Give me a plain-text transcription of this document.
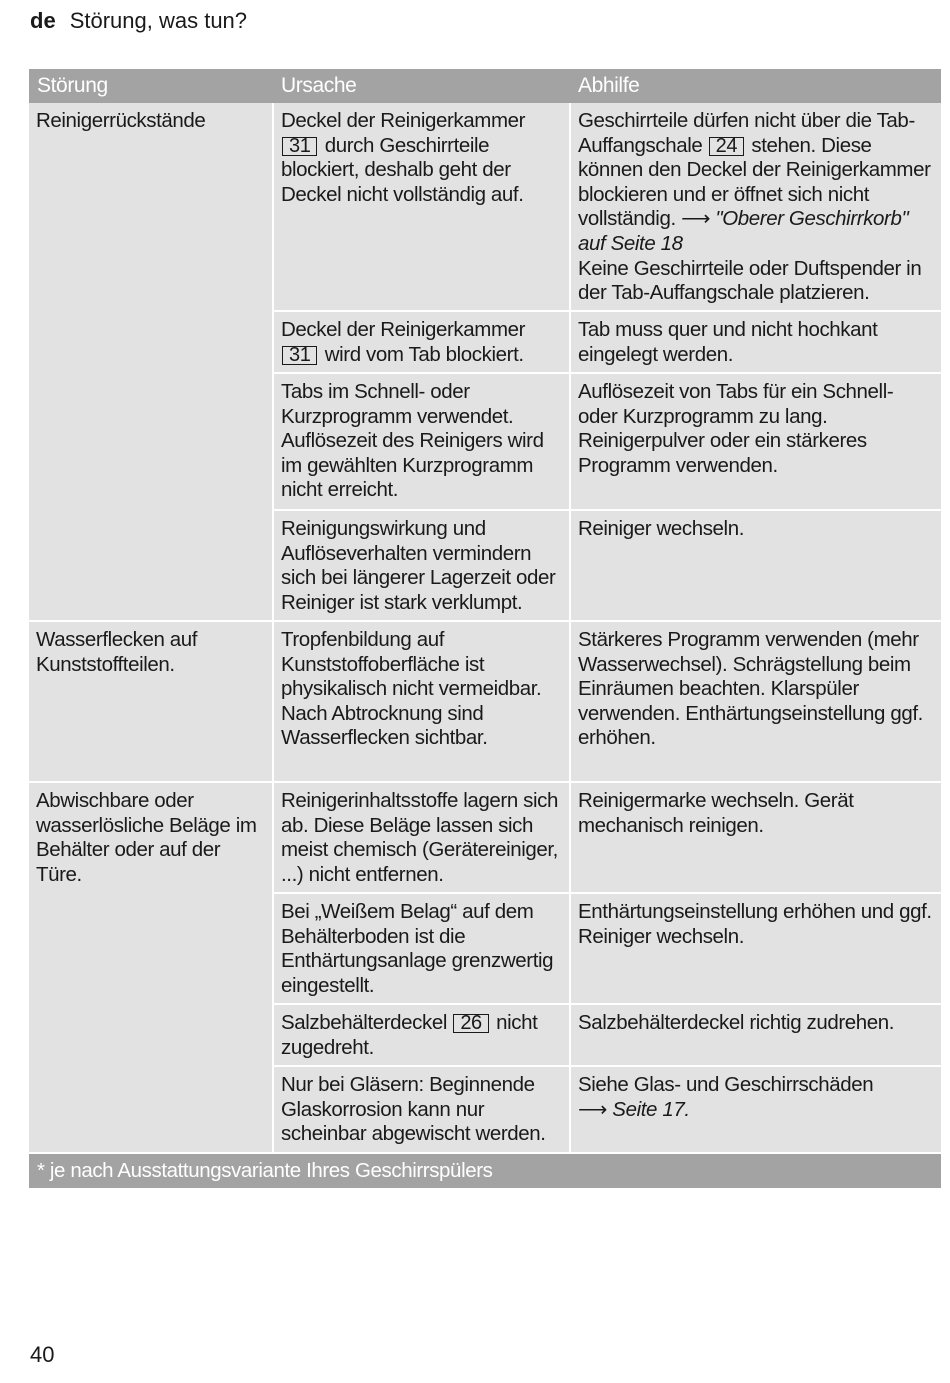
de Störung, was tun?
Störung	Ursache	Abhilfe
Reinigerrückstände	Deckel der Reinigerkammer 31 durch Geschirrteile blockiert, deshalb geht der Deckel nicht vollständig auf.	Geschirrteile dürfen nicht über die Tab-Auffangschale 24 stehen. Diese können den Deckel der Reinigerkammer blockieren und er öffnet sich nicht vollständig. ⟶ "Oberer Geschirrkorb" auf Seite 18
Keine Geschirrteile oder Duftspender in der Tab-Auffangschale platzieren.
	Deckel der Reinigerkammer 31 wird vom Tab blockiert.	Tab muss quer und nicht hochkant eingelegt werden.
	Tabs im Schnell- oder Kurzprogramm verwendet. Auflösezeit des Reinigers wird im gewählten Kurzprogramm nicht erreicht.	Auflösezeit von Tabs für ein Schnell- oder Kurzprogramm zu lang. Reinigerpulver oder ein stärkeres Programm verwenden.
	Reinigungswirkung und Auflöseverhalten vermindern sich bei längerer Lagerzeit oder Reiniger ist stark verklumpt.	Reiniger wechseln.
Wasserflecken auf Kunststoffteilen.	Tropfenbildung auf Kunststoffoberfläche ist physikalisch nicht vermeidbar. Nach Abtrocknung sind Wasserflecken sichtbar.	Stärkeres Programm verwenden (mehr Wasserwechsel). Schrägstellung beim Einräumen beachten. Klarspüler verwenden. Enthärtungseinstellung ggf. erhöhen.
Abwischbare oder wasserlösliche Beläge im Behälter oder auf der Türe.	Reinigerinhaltsstoffe lagern sich ab. Diese Beläge lassen sich meist chemisch (Gerätereiniger, ...) nicht entfernen.	Reinigermarke wechseln. Gerät mechanisch reinigen.
	Bei „Weißem Belag“ auf dem Behälterboden ist die Enthärtungsanlage grenzwertig eingestellt.	Enthärtungseinstellung erhöhen und ggf. Reiniger wechseln.
	Salzbehälterdeckel 26 nicht zugedreht.	Salzbehälterdeckel richtig zudrehen.
	Nur bei Gläsern: Beginnende Glaskorrosion kann nur scheinbar abgewischt werden.	Siehe Glas- und Geschirrschäden
⟶ Seite 17.
* je nach Ausstattungsvariante Ihres Geschirrspülers		
40
